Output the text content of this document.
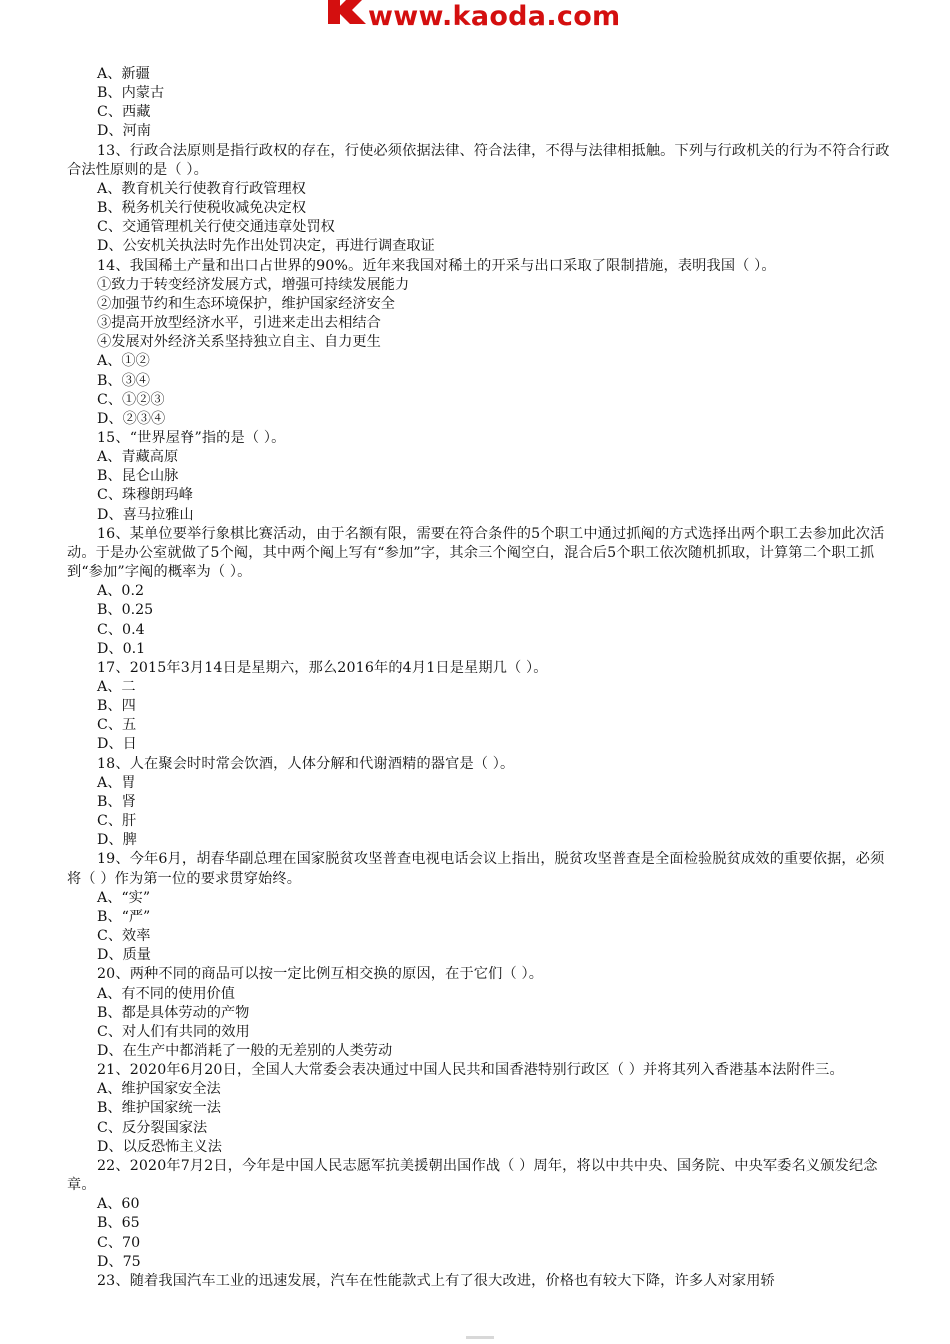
www.kaoda.com
A、新疆
B、内蒙古
C、西藏
D、河南
13、行政合法原则是指行政权的存在，行使必须依据法律、符合法律，不得与法律相抵触。下列与行政机关的行为不符合行政合法性原则的是（ ）。
A、教育机关行使教育行政管理权
B、税务机关行使税收减免决定权
C、交通管理机关行使交通违章处罚权
D、公安机关执法时先作出处罚决定，再进行调查取证
14、我国稀土产量和出口占世界的90%。近年来我国对稀土的开采与出口采取了限制措施，表明我国（ ）。
①致力于转变经济发展方式，增强可持续发展能力
②加强节约和生态环境保护，维护国家经济安全
③提高开放型经济水平，引进来走出去相结合
④发展对外经济关系坚持独立自主、自力更生
A、①②
B、③④
C、①②③
D、②③④
15、“世界屋脊”指的是（ ）。
A、青藏高原
B、昆仑山脉
C、珠穆朗玛峰
D、喜马拉雅山
16、某单位要举行象棋比赛活动，由于名额有限，需要在符合条件的5个职工中通过抓阄的方式选择出两个职工去参加此次活动。于是办公室就做了5个阄，其中两个阄上写有“参加”字，其余三个阄空白，混合后5个职工依次随机抓取，计算第二个职工抓到“参加”字阄的概率为（ ）。
A、0.2
B、0.25
C、0.4
D、0.1
17、2015年3月14日是星期六，那么2016年的4月1日是星期几（ ）。
A、二
B、四
C、五
D、日
18、人在聚会时时常会饮酒，人体分解和代谢酒精的器官是（ ）。
A、胃
B、肾
C、肝
D、脾
19、今年6月，胡春华副总理在国家脱贫攻坚普查电视电话会议上指出，脱贫攻坚普查是全面检验脱贫成效的重要依据，必须将（ ）作为第一位的要求贯穿始终。
A、“实”
B、“严”
C、效率
D、质量
20、两种不同的商品可以按一定比例互相交换的原因，在于它们（ ）。
A、有不同的使用价值
B、都是具体劳动的产物
C、对人们有共同的效用
D、在生产中都消耗了一般的无差别的人类劳动
21、2020年6月20日，全国人大常委会表决通过中国人民共和国香港特别行政区（ ）并将其列入香港基本法附件三。
A、维护国家安全法
B、维护国家统一法
C、反分裂国家法
D、以反恐怖主义法
22、2020年7月2日，今年是中国人民志愿军抗美援朝出国作战（ ）周年，将以中共中央、国务院、中央军委名义颁发纪念章。
A、60
B、65
C、70
D、75
23、随着我国汽车工业的迅速发展，汽车在性能款式上有了很大改进，价格也有较大下降，许多人对家用轿
